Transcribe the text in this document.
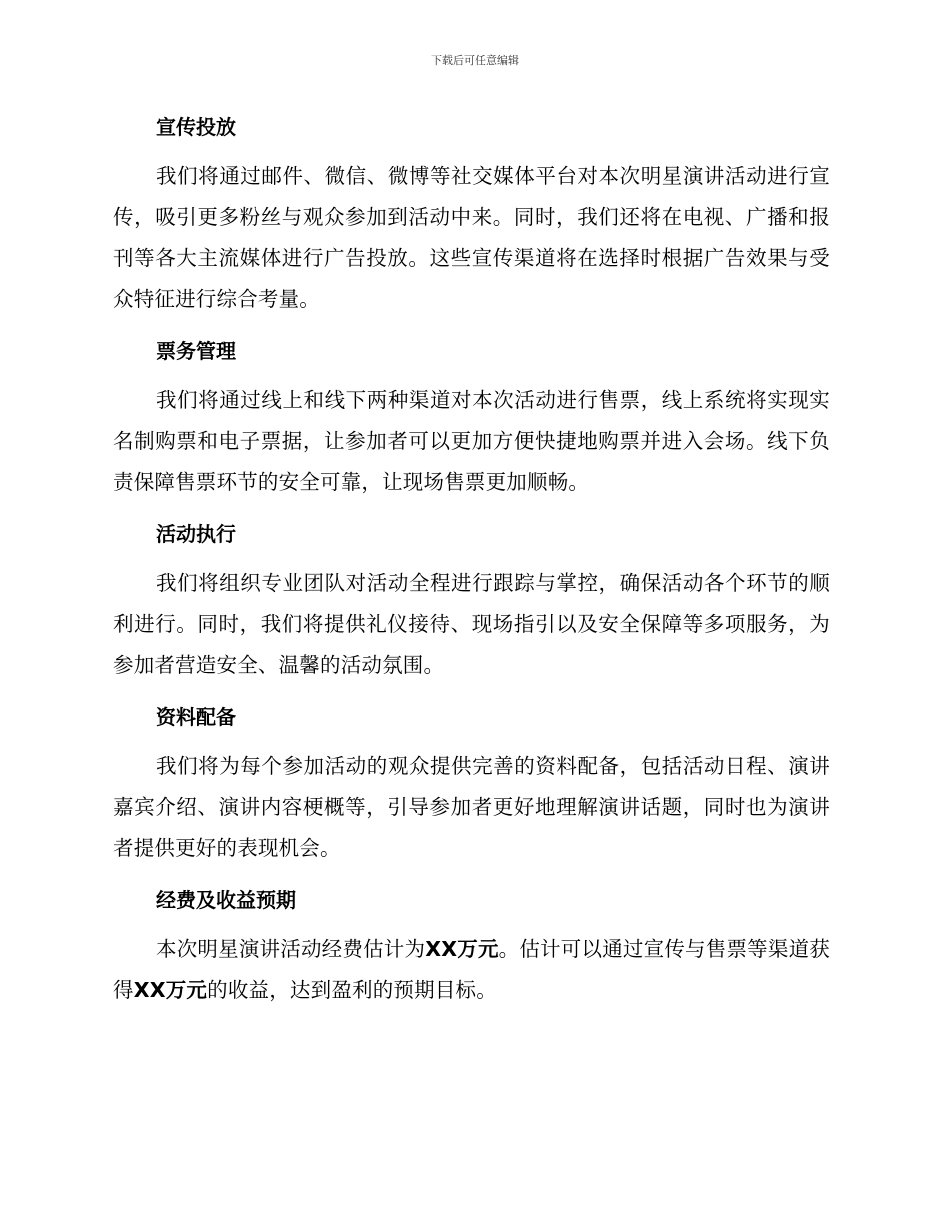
下载后可任意编辑
宣传投放

我们将通过邮件、微信、微博等社交媒体平台对本次明星演讲活动进行宣传，吸引更多粉丝与观众参加到活动中来。同时，我们还将在电视、广播和报刊等各大主流媒体进行广告投放。这些宣传渠道将在选择时根据广告效果与受众特征进行综合考量。

票务管理

我们将通过线上和线下两种渠道对本次活动进行售票，线上系统将实现实名制购票和电子票据，让参加者可以更加方便快捷地购票并进入会场。线下负责保障售票环节的安全可靠，让现场售票更加顺畅。

活动执行

我们将组织专业团队对活动全程进行跟踪与掌控，确保活动各个环节的顺利进行。同时，我们将提供礼仪接待、现场指引以及安全保障等多项服务，为参加者营造安全、温馨的活动氛围。

资料配备

我们将为每个参加活动的观众提供完善的资料配备，包括活动日程、演讲嘉宾介绍、演讲内容梗概等，引导参加者更好地理解演讲话题，同时也为演讲者提供更好的表现机会。

经费及收益预期

本次明星演讲活动经费估计为XX万元。估计可以通过宣传与售票等渠道获得XX万元的收益，达到盈利的预期目标。
